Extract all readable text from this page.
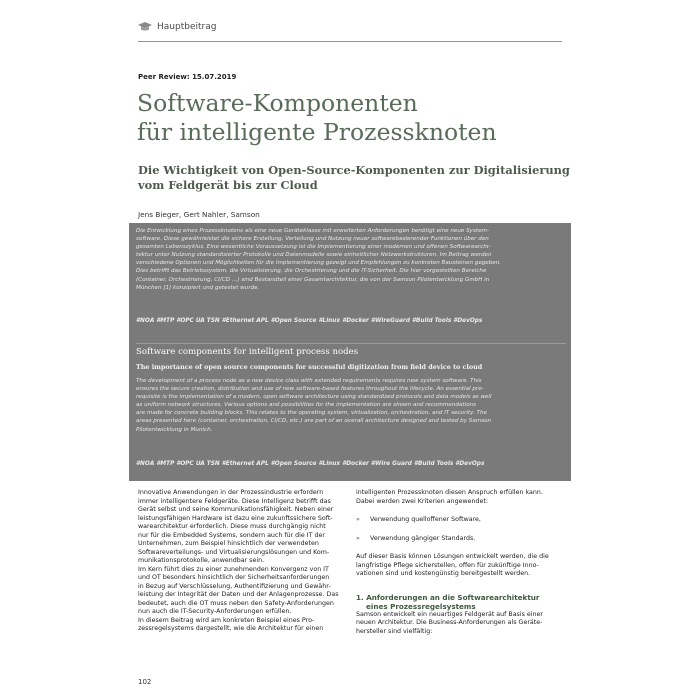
Hauptbeitrag
Peer Review: 15.07.2019
Software-Komponenten
für intelligente Prozessknoten
Die Wichtigkeit von Open-Source-Komponenten zur Digitalisierung
vom Feldgerät bis zur Cloud
Jens Bieger, Gert Nahler, Samson
Die Entwicklung eines Prozessknotens als eine neue Geräteklasse mit erweiterten Anforderungen benötigt eine neue System-
software. Diese gewährleistet die sichere Erstellung, Verteilung und Nutzung neuer softwarebasierender Funktionen über den
gesamten Lebenszyklus. Eine wesentliche Voraussetzung ist die Implementierung einer modernen und offenen Softwarearchi-
tektur unter Nutzung standardisierter Protokolle und Datenmodelle sowie einheitlicher Netzwerkstrukturen. Im Beitrag werden
verschiedene Optionen und Möglichkeiten für die Implementierung gezeigt und Empfehlungen zu konkreten Bausteinen gegeben.
Dies betrifft das Betriebssystem, die Virtualisierung, die Orchestrierung und die IT-Sicherheit. Die hier vorgestellten Bereiche
(Container, Orchestrierung, CI/CD …) sind Bestandteil einer Gesamtarchitektur, die von der Samson Pilotentwicklung GmbH in
München [1] konzipiert und getestet wurde.
#NOA #MTP #OPC UA TSN #Ethernet APL #Open Source #Linux #Docker #WireGuard #Build Tools #DevOps
Software components for intelligent process nodes
The importance of open source components for successful digitization from field device to cloud
The development of a process node as a new device class with extended requirements requires new system software. This
ensures the secure creation, distribution and use of new software-based features throughout the lifecycle. An essential pre-
requisite is the implementation of a modern, open software architecture using standardized protocols and data models as well
as uniform network structures. Various options and possibilities for the implementation are shown and recommendations
are made for concrete building blocks. This relates to the operating system, virtualization, orchestration, and IT security. The
areas presented here (container, orchestration, CI/CD, etc.) are part of an overall architecture designed and tested by Samson
Pilotentwicklung in Munich.
#NOA #MTP #OPC UA TSN #Ethernet APL #Open Source #Linux #Docker #Wire Guard #Build Tools #DevOps
Innovative Anwendungen in der Prozessindustrie erfordern
immer intelligentere Feldgeräte. Diese Intelligenz betrifft das
Gerät selbst und seine Kommunikationsfähigkeit. Neben einer
leistungsfähigen Hardware ist dazu eine zukunftssichere Soft-
warearchitektur erforderlich. Diese muss durchgängig nicht
nur für die Embedded Systems, sondern auch für die IT der
Unternehmen, zum Beispiel hinsichtlich der verwendeten
Softwareverteilungs- und Virtualisierungslösungen und Kom-
munikationsprotokolle, anwendbar sein.
Im Kern führt dies zu einer zunehmenden Konvergenz von IT
und OT besonders hinsichtlich der Sicherheitsanforderungen
in Bezug auf Verschlüsselung, Authentifizierung und Gewähr-
leistung der Integrität der Daten und der Anlagenprozesse. Das
bedeutet, auch die OT muss neben den Safety-Anforderungen
nun auch die IT-Security-Anforderungen erfüllen.
In diesem Beitrag wird am konkreten Beispiel eines Pro-
zessregelsystems dargestellt, wie die Architektur für einen
intelligenten Prozessknoten diesen Anspruch erfüllen kann.
Dabei werden zwei Kriterien angewendet:
» Verwendung quelloffener Software,
» Verwendung gängiger Standards.
Auf dieser Basis können Lösungen entwickelt werden, die die
langfristige Pflege sicherstellen, offen für zukünftige Inno-
vationen sind und kostengünstig bereitgestellt werden.
1. Anforderungen an die Softwarearchitektur
eines Prozessregelsystems
Samson entwickelt ein neuartiges Feldgerät auf Basis einer
neuen Architektur. Die Business-Anforderungen als Geräte-
hersteller sind vielfältig:
102
